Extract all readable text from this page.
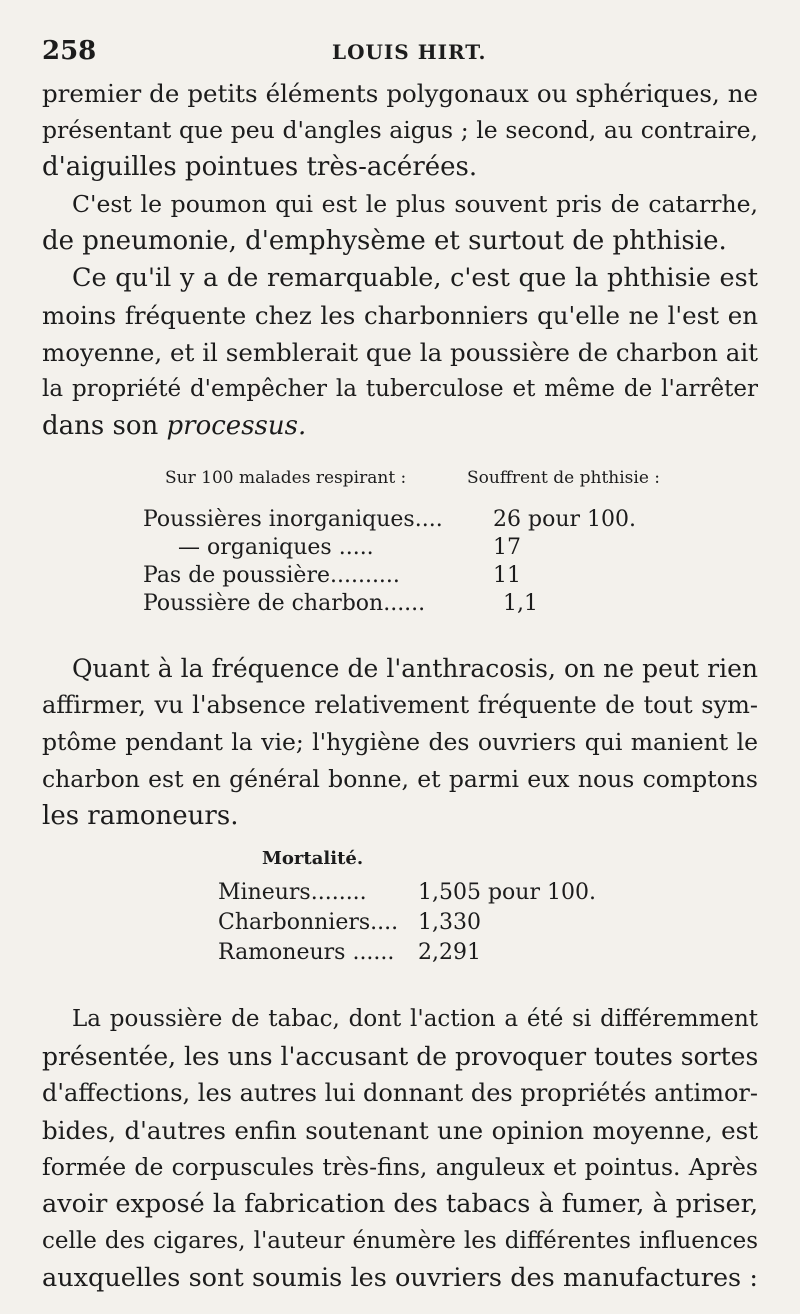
258	LOUIS HIRT.
premier de petits éléments polygonaux ou sphériques, ne
présentant que peu d'angles aigus ; le second, au contraire,
d'aiguilles pointues très-acérées.
C'est le poumon qui est le plus souvent pris de catarrhe,
de pneumonie, d'emphysème et surtout de phthisie.
Ce qu'il y a de remarquable, c'est que la phthisie est
moins fréquente chez les charbonniers qu'elle ne l'est en
moyenne, et il semblerait que la poussière de charbon ait
la propriété d'empêcher la tuberculose et même de l'arrêter
dans son processus.
Sur 100 malades respirant :	Souffrent de phthisie :
Poussières inorganiques.... 26 pour 100.
— organiques .....	17
Pas de poussière..........	11
Poussière de charbon......	1,1
Quant à la fréquence de l'anthracosis, on ne peut rien
affirmer, vu l'absence relativement fréquente de tout sym-
ptôme pendant la vie; l'hygiène des ouvriers qui manient le
charbon est en général bonne, et parmi eux nous comptons
les ramoneurs.
Mortalité.
Mineurs........ 1,505 pour 100.
Charbonniers.... 1,330
Ramoneurs ...... 2,291
La poussière de tabac, dont l'action a été si différemment
présentée, les uns l'accusant de provoquer toutes sortes
d'affections, les autres lui donnant des propriétés antimor-
bides, d'autres enfin soutenant une opinion moyenne, est
formée de corpuscules très-fins, anguleux et pointus. Après
avoir exposé la fabrication des tabacs à fumer, à priser,
celle des cigares, l'auteur énumère les différentes influences
auxquelles sont soumis les ouvriers des manufactures :
